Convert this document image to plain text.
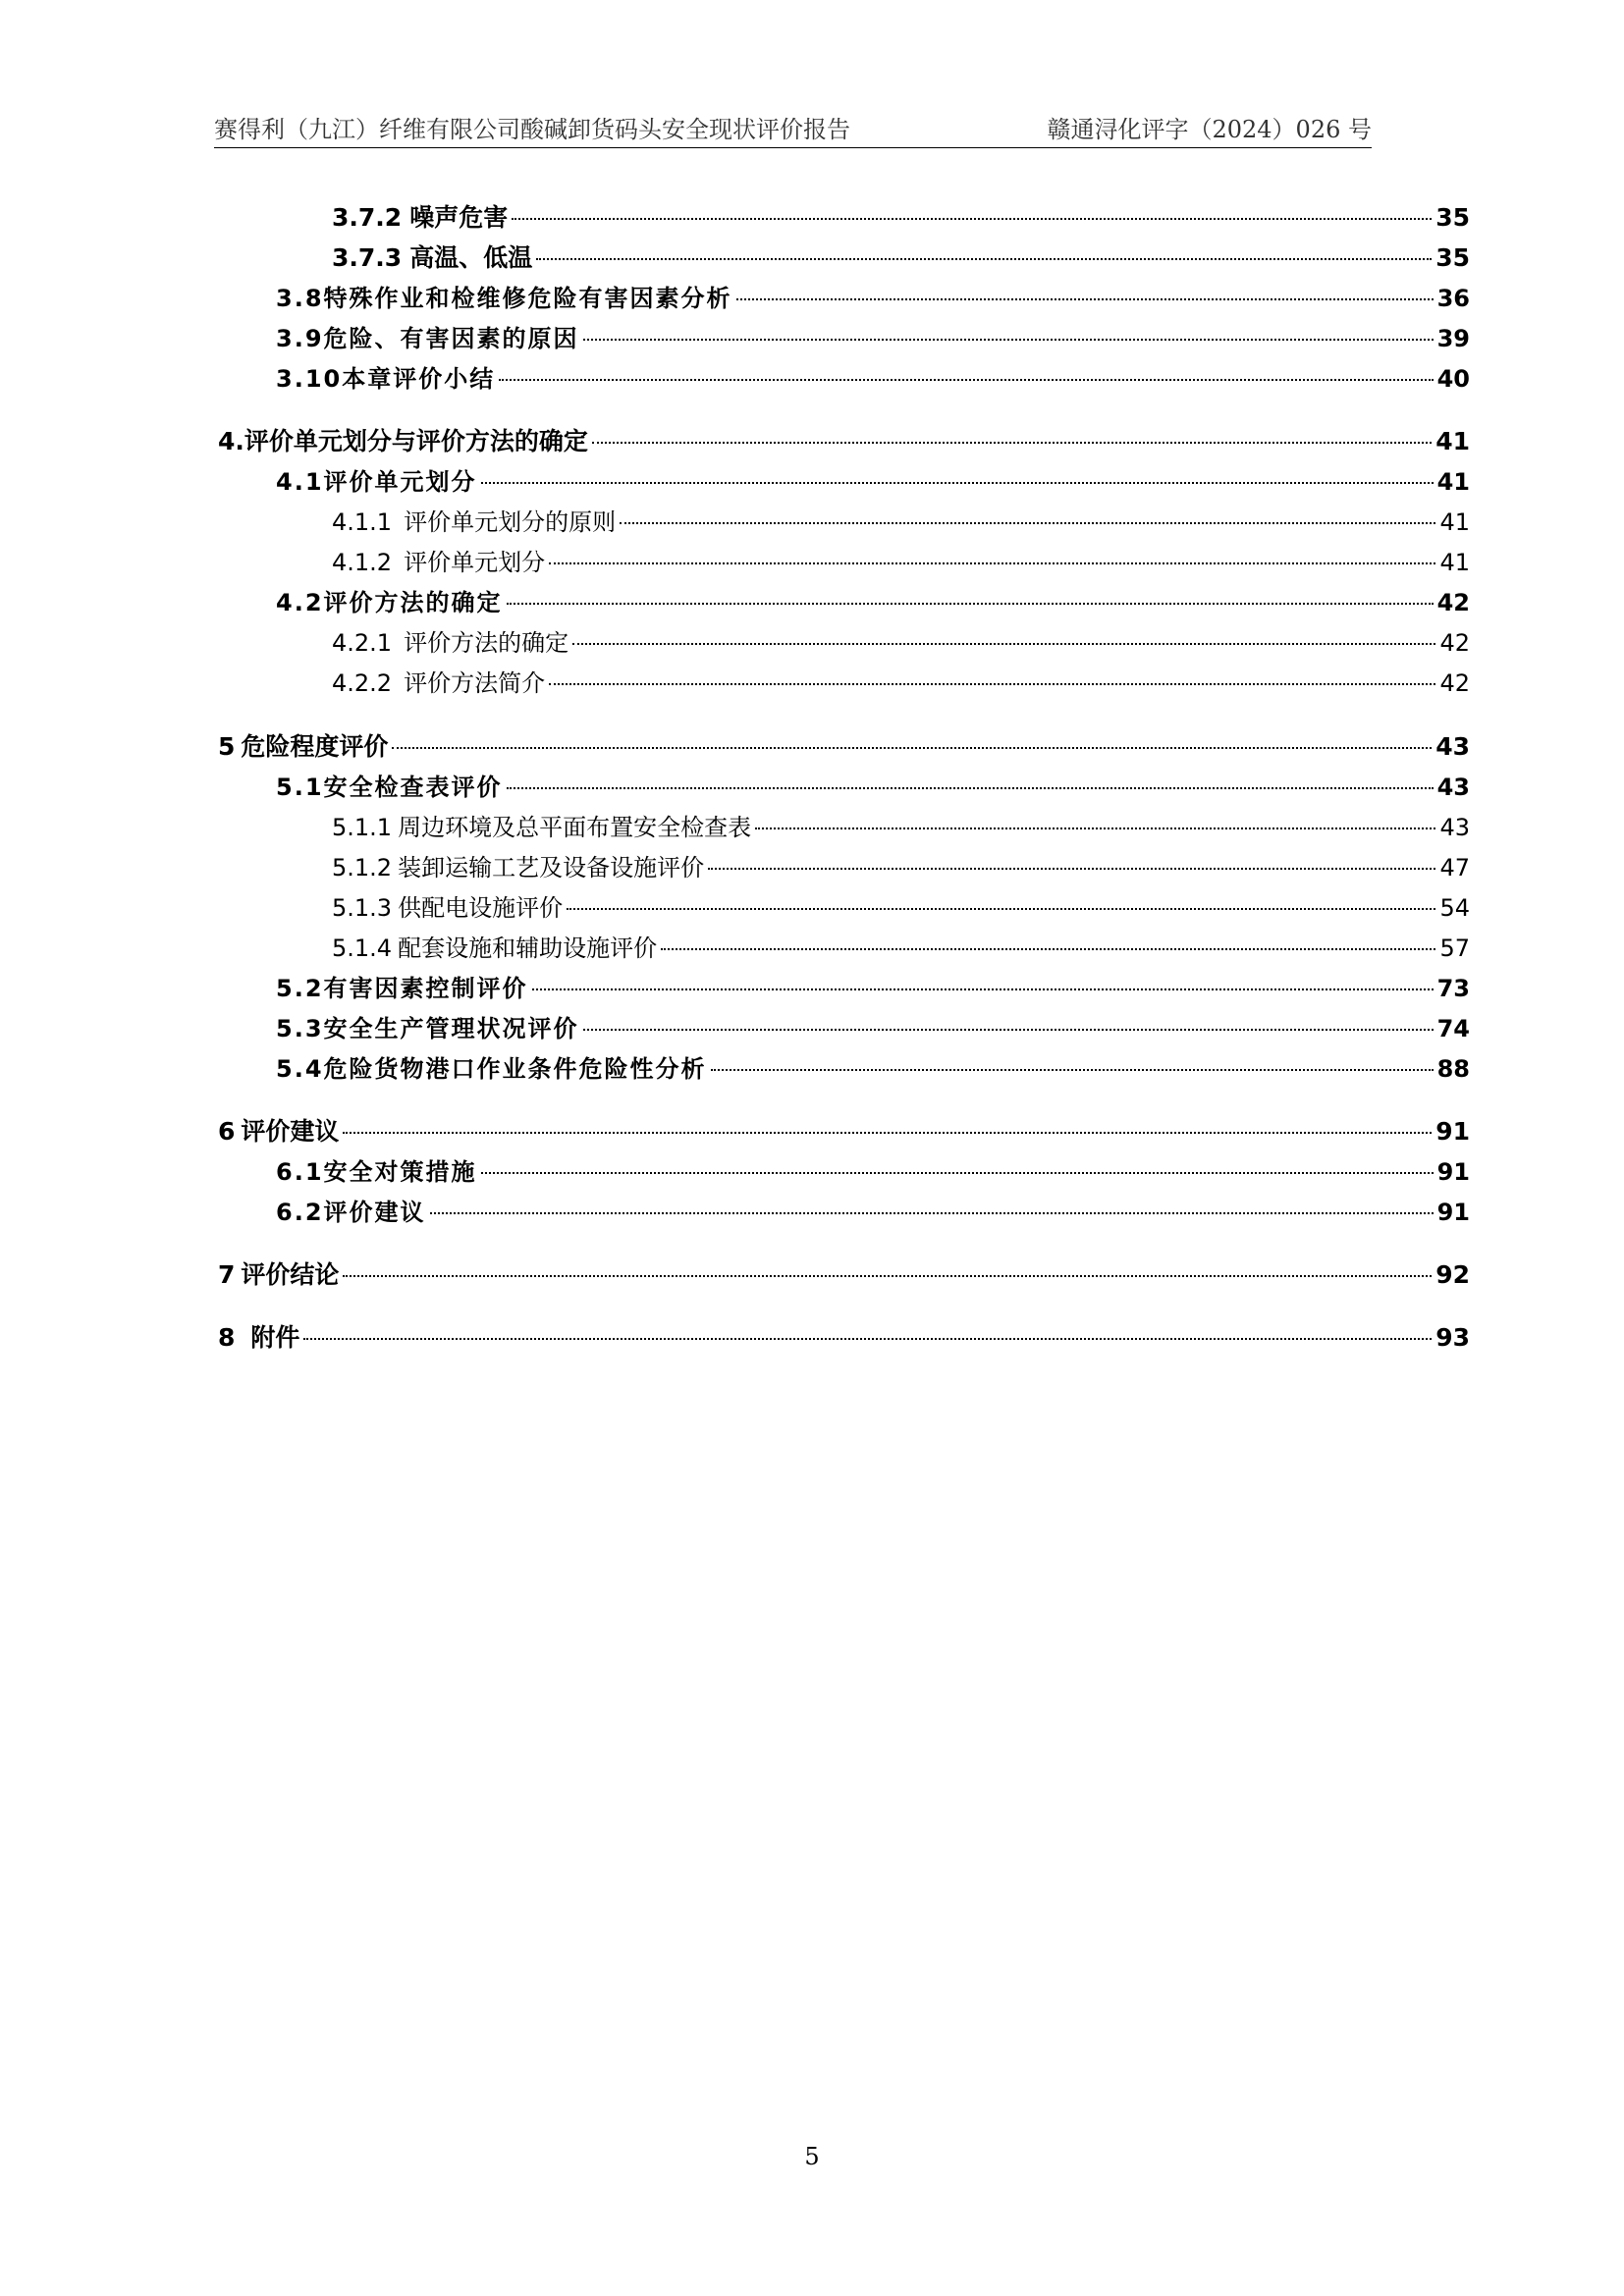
赛得利（九江）纤维有限公司酸碱卸货码头安全现状评价报告	赣通浔化评字（2024）026 号
3.7.2 噪声危害	35
3.7.3 高温、低温	35
3.8 特殊作业和检维修危险有害因素分析	36
3.9 危险、有害因素的原因	39
3.10 本章评价小结	40
4. 评价单元划分与评价方法的确定	41
4.1 评价单元划分	41
4.1.1 评价单元划分的原则	41
4.1.2 评价单元划分	41
4.2 评价方法的确定	42
4.2.1 评价方法的确定	42
4.2.2 评价方法简介	42
5 危险程度评价	43
5.1 安全检查表评价	43
5.1.1 周边环境及总平面布置安全检查表	43
5.1.2 装卸运输工艺及设备设施评价	47
5.1.3 供配电设施评价	54
5.1.4 配套设施和辅助设施评价	57
5.2 有害因素控制评价	73
5.3 安全生产管理状况评价	74
5.4 危险货物港口作业条件危险性分析	88
6 评价建议	91
6.1 安全对策措施	91
6.2 评价建议	91
7 评价结论	92
8 附件	93
5
